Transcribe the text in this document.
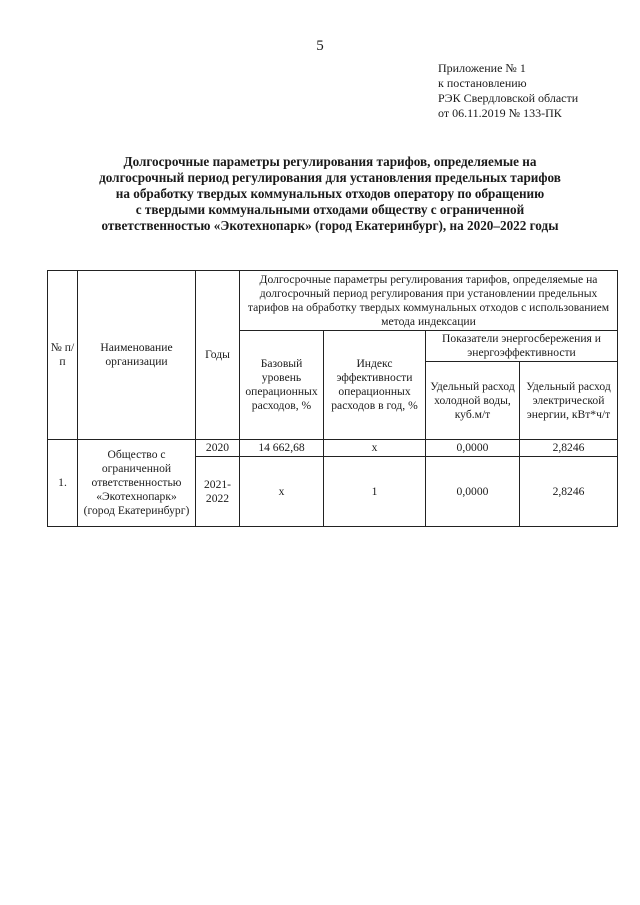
5
Приложение № 1
к постановлению
РЭК Свердловской области
от 06.11.2019 № 133-ПК
Долгосрочные параметры регулирования тарифов, определяемые на
долгосрочный период регулирования для установления предельных тарифов
на обработку твердых коммунальных отходов оператору по обращению
с твердыми коммунальными отходами обществу с ограниченной
ответственностью «Экотехнопарк» (город Екатеринбург), на 2020–2022 годы
№ п/п	Наименование организации	Годы	Долгосрочные параметры регулирования тарифов, определяемые на долгосрочный период регулирования при установлении предельных тарифов на обработку твердых коммунальных отходов с использованием метода индексации			
			Базовый уровень операционных расходов, %	Индекс эффективности операционных расходов в год, %	Показатели энергосбережения и энергоэффективности	
					Удельный расход холодной воды, куб.м/т	Удельный расход электрической энергии, кВт*ч/т
1.	Общество с ограниченной ответственностью «Экотехнопарк» (город Екатеринбург)	2020	14 662,68	x	0,0000	2,8246
		2021-2022	x	1	0,0000	2,8246
